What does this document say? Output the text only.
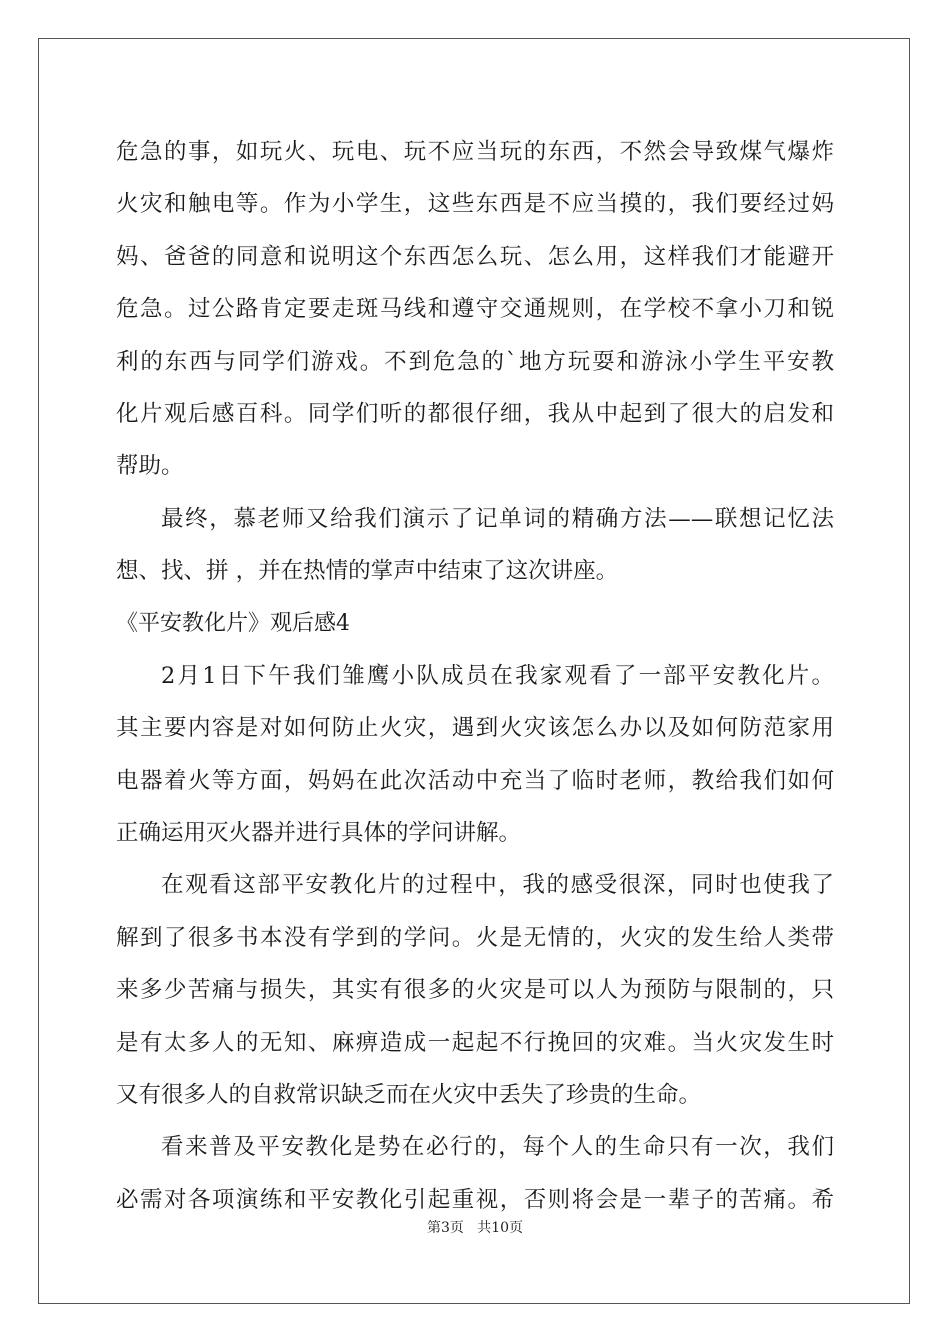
危急的事，如玩火、玩电、玩不应当玩的东西，不然会导致煤气爆炸
火灾和触电等。作为小学生，这些东西是不应当摸的，我们要经过妈
妈、爸爸的同意和说明这个东西怎么玩、怎么用，这样我们才能避开
危急。过公路肯定要走斑马线和遵守交通规则，在学校不拿小刀和锐
利的东西与同学们游戏。不到危急的`地方玩耍和游泳小学生平安教
化片观后感百科。同学们听的都很仔细，我从中起到了很大的启发和
帮助。
最终，慕老师又给我们演示了记单词的精确方法——联想记忆法
想、找、拼 ，并在热情的掌声中结束了这次讲座。
《平安教化片》观后感4
2月1日下午我们雏鹰小队成员在我家观看了一部平安教化片。
其主要内容是对如何防止火灾，遇到火灾该怎么办以及如何防范家用
电器着火等方面，妈妈在此次活动中充当了临时老师，教给我们如何
正确运用灭火器并进行具体的学问讲解。
在观看这部平安教化片的过程中，我的感受很深，同时也使我了
解到了很多书本没有学到的学问。火是无情的，火灾的发生给人类带
来多少苦痛与损失，其实有很多的火灾是可以人为预防与限制的，只
是有太多人的无知、麻痹造成一起起不行挽回的灾难。当火灾发生时
又有很多人的自救常识缺乏而在火灾中丢失了珍贵的生命。
看来普及平安教化是势在必行的，每个人的生命只有一次，我们
必需对各项演练和平安教化引起重视，否则将会是一辈子的苦痛。希
第3页   共10页
